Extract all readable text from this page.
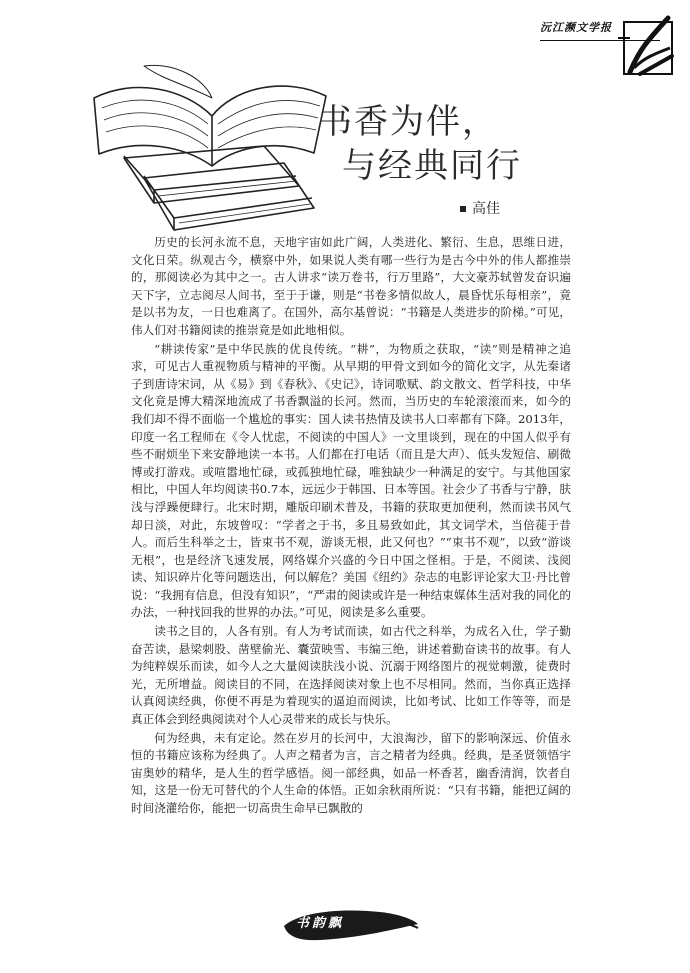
沅江濒文学报
书香为伴，
与经典同行
高佳

历史的长河永流不息，天地宇宙如此广阔，人类进化、繁衍、生息，思维日进，文化日荣。纵观古今，横察中外，如果说人类有哪一些行为是古今中外的伟人都推崇的，那阅读必为其中之一。古人讲求“读万卷书，行万里路”，大文豪苏轼曾发奋识遍天下字，立志阅尽人间书，至于于谦，则是“书卷多情似故人，晨昏忧乐每相亲”，竟是以书为友，一日也难离了。在国外，高尔基曾说：“书籍是人类进步的阶梯。”可见，伟人们对书籍阅读的推崇竟是如此地相似。

“耕读传家”是中华民族的优良传统。“耕”，为物质之获取，“读”则是精神之追求，可见古人重视物质与精神的平衡。从早期的甲骨文到如今的简化文字，从先秦诸子到唐诗宋词，从《易》到《春秋》、《史记》，诗词歌赋、韵文散文、哲学科技，中华文化竟是博大精深地流成了书香飘溢的长河。然而，当历史的车轮滚滚而来，如今的我们却不得不面临一个尴尬的事实：国人读书热情及读书人口率都有下降。2013年，印度一名工程师在《令人忧虑，不阅读的中国人》一文里谈到，现在的中国人似乎有些不耐烦坐下来安静地读一本书。人们都在打电话（而且是大声）、低头发短信、刷微博或打游戏。或喧嚣地忙碌，或孤独地忙碌，唯独缺少一种满足的安宁。与其他国家相比，中国人年均阅读书0.7本，远远少于韩国、日本等国。社会少了书香与宁静，肤浅与浮躁便肆行。北宋时期，雕版印刷术普及，书籍的获取更加便利，然而读书风气却日淡，对此，东坡曾叹：“学者之于书，多且易致如此，其文词学术，当倍蓰于昔人。而后生科举之士，皆束书不观，游谈无根，此又何也？”“束书不观”，以致“游谈无根”，也是经济飞速发展，网络媒介兴盛的今日中国之怪相。于是，不阅读、浅阅读、知识碎片化等问题迭出，何以解危？美国《纽约》杂志的电影评论家大卫·丹比曾说：“我拥有信息，但没有知识”，“严肃的阅读或许是一种结束媒体生活对我的同化的办法，一种找回我的世界的办法。”可见，阅读是多么重要。

读书之目的，人各有别。有人为考试而读，如古代之科举，为成名入仕，学子勤奋苦读，悬梁刺股、凿壁偷光、囊萤映雪、韦编三绝，讲述着勤奋读书的故事。有人为纯粹娱乐而读，如今人之大量阅读肤浅小说、沉溺于网络图片的视觉刺激，徒费时光，无所增益。阅读目的不同，在选择阅读对象上也不尽相同。然而，当你真正选择认真阅读经典，你便不再是为着现实的逼迫而阅读，比如考试、比如工作等等，而是真正体会到经典阅读对个人心灵带来的成长与快乐。

何为经典，未有定论。然在岁月的长河中，大浪淘沙，留下的影响深远、价值永恒的书籍应该称为经典了。人声之精者为言，言之精者为经典。经典，是圣贤领悟宇宙奥妙的精华，是人生的哲学感悟。阅一部经典，如品一杯香茗，幽香清润，饮者自知，这是一份无可替代的个人生命的体悟。正如余秋雨所说：“只有书籍，能把辽阔的时间浇灌给你，能把一切高贵生命早已飘散的

书韵飘
